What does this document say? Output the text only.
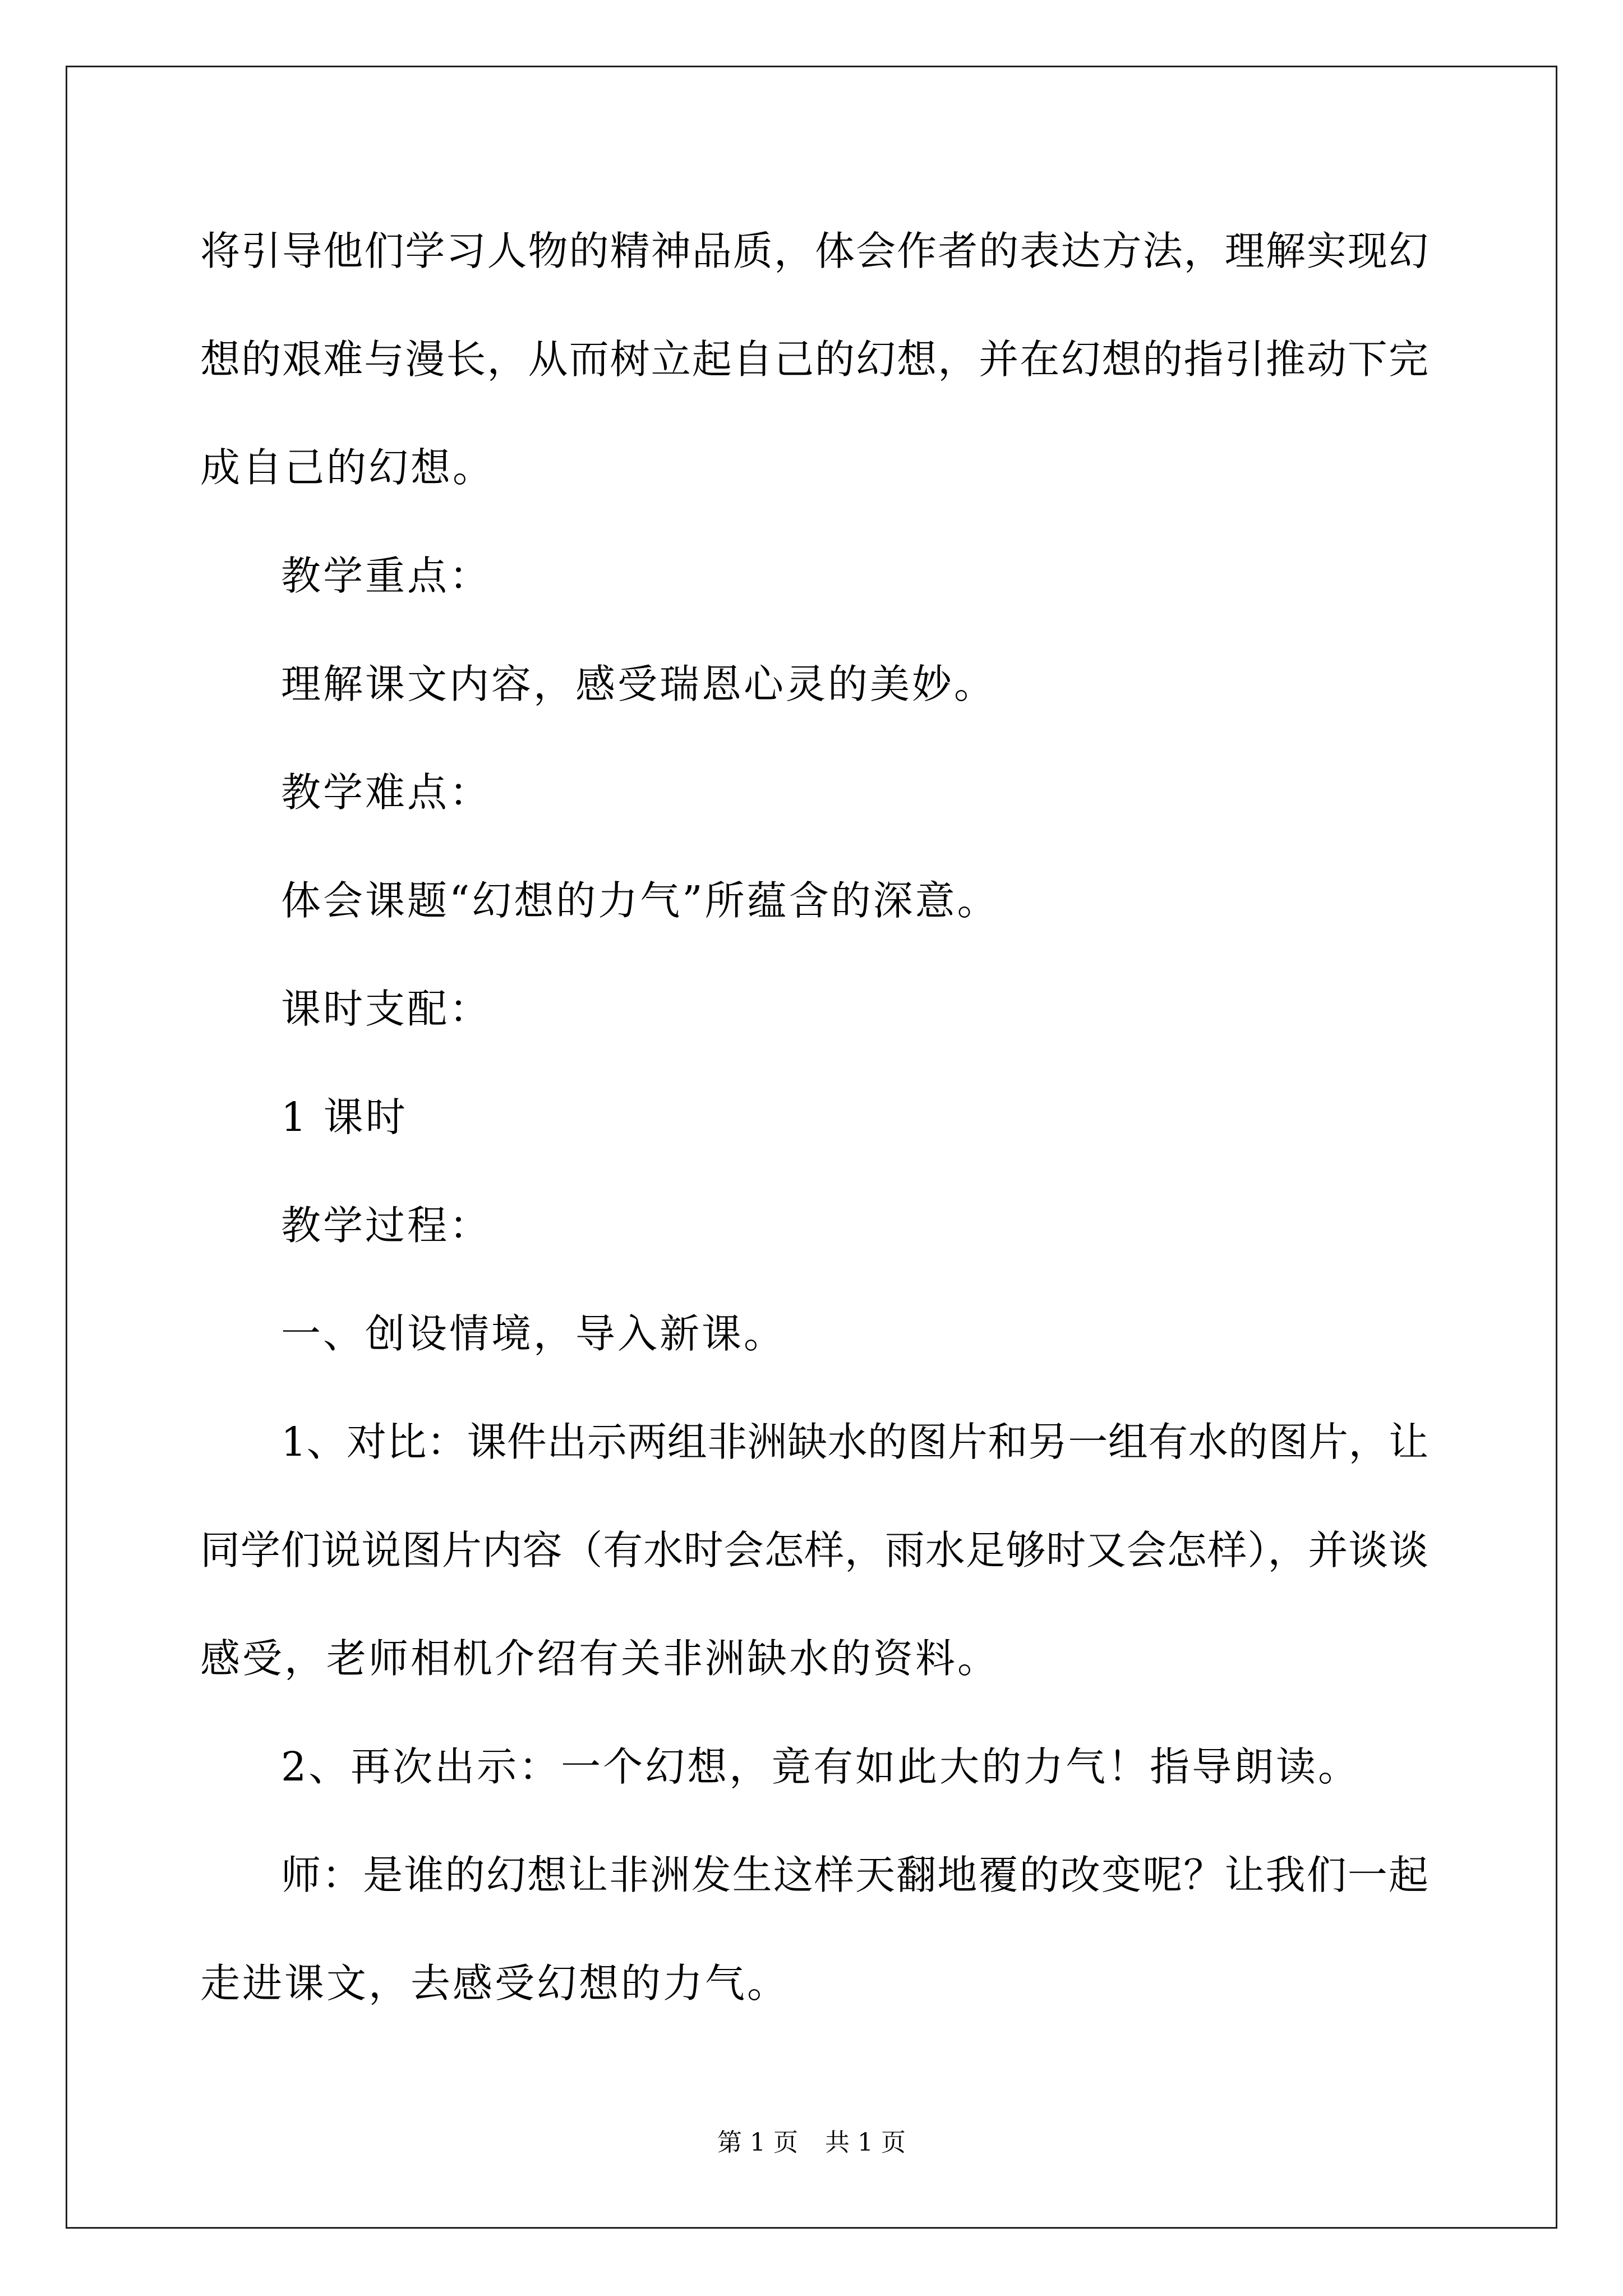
将引导他们学习人物的精神品质，体会作者的表达方法，理解实现幻
想的艰难与漫长，从而树立起自己的幻想，并在幻想的指引推动下完
成自己的幻想。
教学重点：
理解课文内容，感受瑞恩心灵的美妙。
教学难点：
体会课题“幻想的力气”所蕴含的深意。
课时支配：
1 课时
教学过程：
一、创设情境，导入新课。
1、对比：课件出示两组非洲缺水的图片和另一组有水的图片，让
同学们说说图片内容（有水时会怎样，雨水足够时又会怎样），并谈谈
感受，老师相机介绍有关非洲缺水的资料。
2、再次出示：一个幻想，竟有如此大的力气！指导朗读。
师：是谁的幻想让非洲发生这样天翻地覆的改变呢？让我们一起
走进课文，去感受幻想的力气。
第 1 页 共 1 页
